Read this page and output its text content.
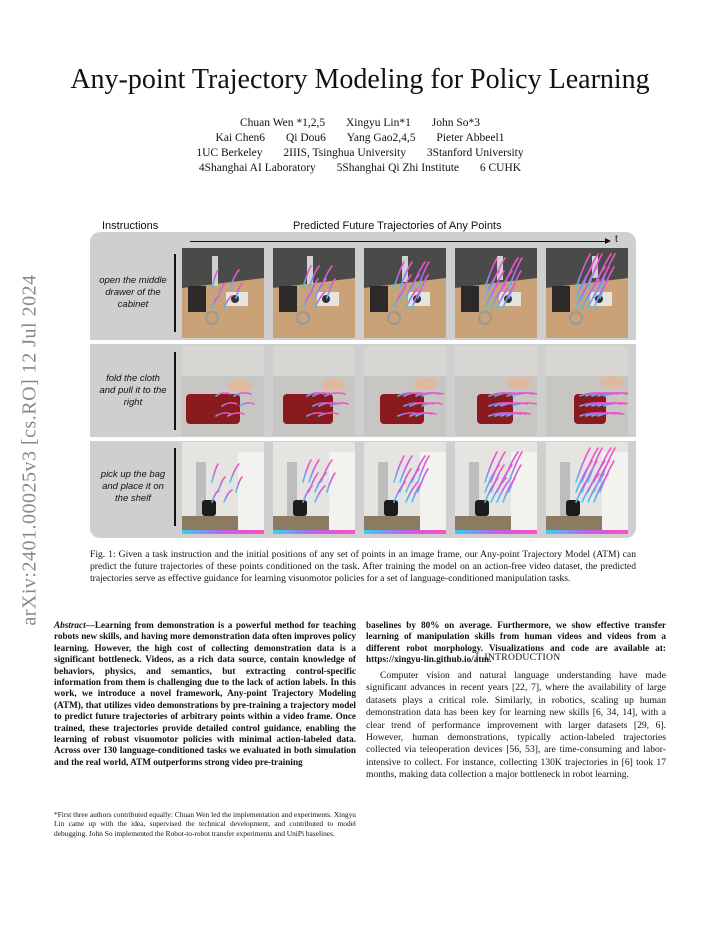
arXiv:2401.00025v3 [cs.RO] 12 Jul 2024
Any-point Trajectory Modeling for Policy Learning
Chuan Wen *1,2,5 Xingyu Lin*1 John So*3
Kai Chen6 Qi Dou6 Yang Gao2,4,5 Pieter Abbeel1
1UC Berkeley 2IIIS, Tsinghua University 3Stanford University
4Shanghai AI Laboratory 5Shanghai Qi Zhi Institute 6 CUHK
Instructions	Predicted Future Trajectories of Any Points
t
open the middle drawer of the cabinet
fold the cloth and pull it to the right
pick up the bag and place it on the shelf
Fig. 1: Given a task instruction and the initial positions of any set of points in an image frame, our Any-point Trajectory Model (ATM) can predict the future trajectories of these points conditioned on the task. After training the model on an action-free video dataset, the predicted trajectories serve as effective guidance for learning visuomotor policies for a set of language-conditioned manipulation tasks.
Abstract—Learning from demonstration is a powerful method for teaching robots new skills, and having more demonstration data often improves policy learning. However, the high cost of collecting demonstration data is a significant bottleneck. Videos, as a rich data source, contain knowledge of behaviors, physics, and semantics, but extracting control-specific information from them is challenging due to the lack of action labels. In this work, we introduce a novel framework, Any-point Trajectory Modeling (ATM), that utilizes video demonstrations by pre-training a trajectory model to predict future trajectories of arbitrary points within a video frame. Once trained, these trajectories provide detailed control guidance, enabling the learning of robust visuomotor policies with minimal action-labeled data. Across over 130 language-conditioned tasks we evaluated in both simulation and the real world, ATM outperforms strong video pre-training
baselines by 80% on average. Furthermore, we show effective transfer learning of manipulation skills from human videos and videos from a different robot morphology. Visualizations and code are available at: https://xingyu-lin.github.io/atm.
*First three authors contributed equally: Chuan Wen led the implementation and experiments. Xingyu Lin came up with the idea, supervised the technical development, and contributed to model debugging. John So implemented the Robot-to-robot transfer experiments and UniPi baselines.
I. INTRODUCTION
Computer vision and natural language understanding have made significant advances in recent years [22, 7], where the availability of large datasets plays a critical role. Similarly, in robotics, scaling up human demonstration data has been key for learning new skills [6, 34, 14], with a clear trend of performance improvement with larger datasets [29, 6]. However, human demonstrations, typically action-labeled trajectories collected via teleoperation devices [56, 53], are time-consuming and labor-intensive to collect. For instance, collecting 130K trajectories in [6] took 17 months, making data collection a major bottleneck in robot learning.
